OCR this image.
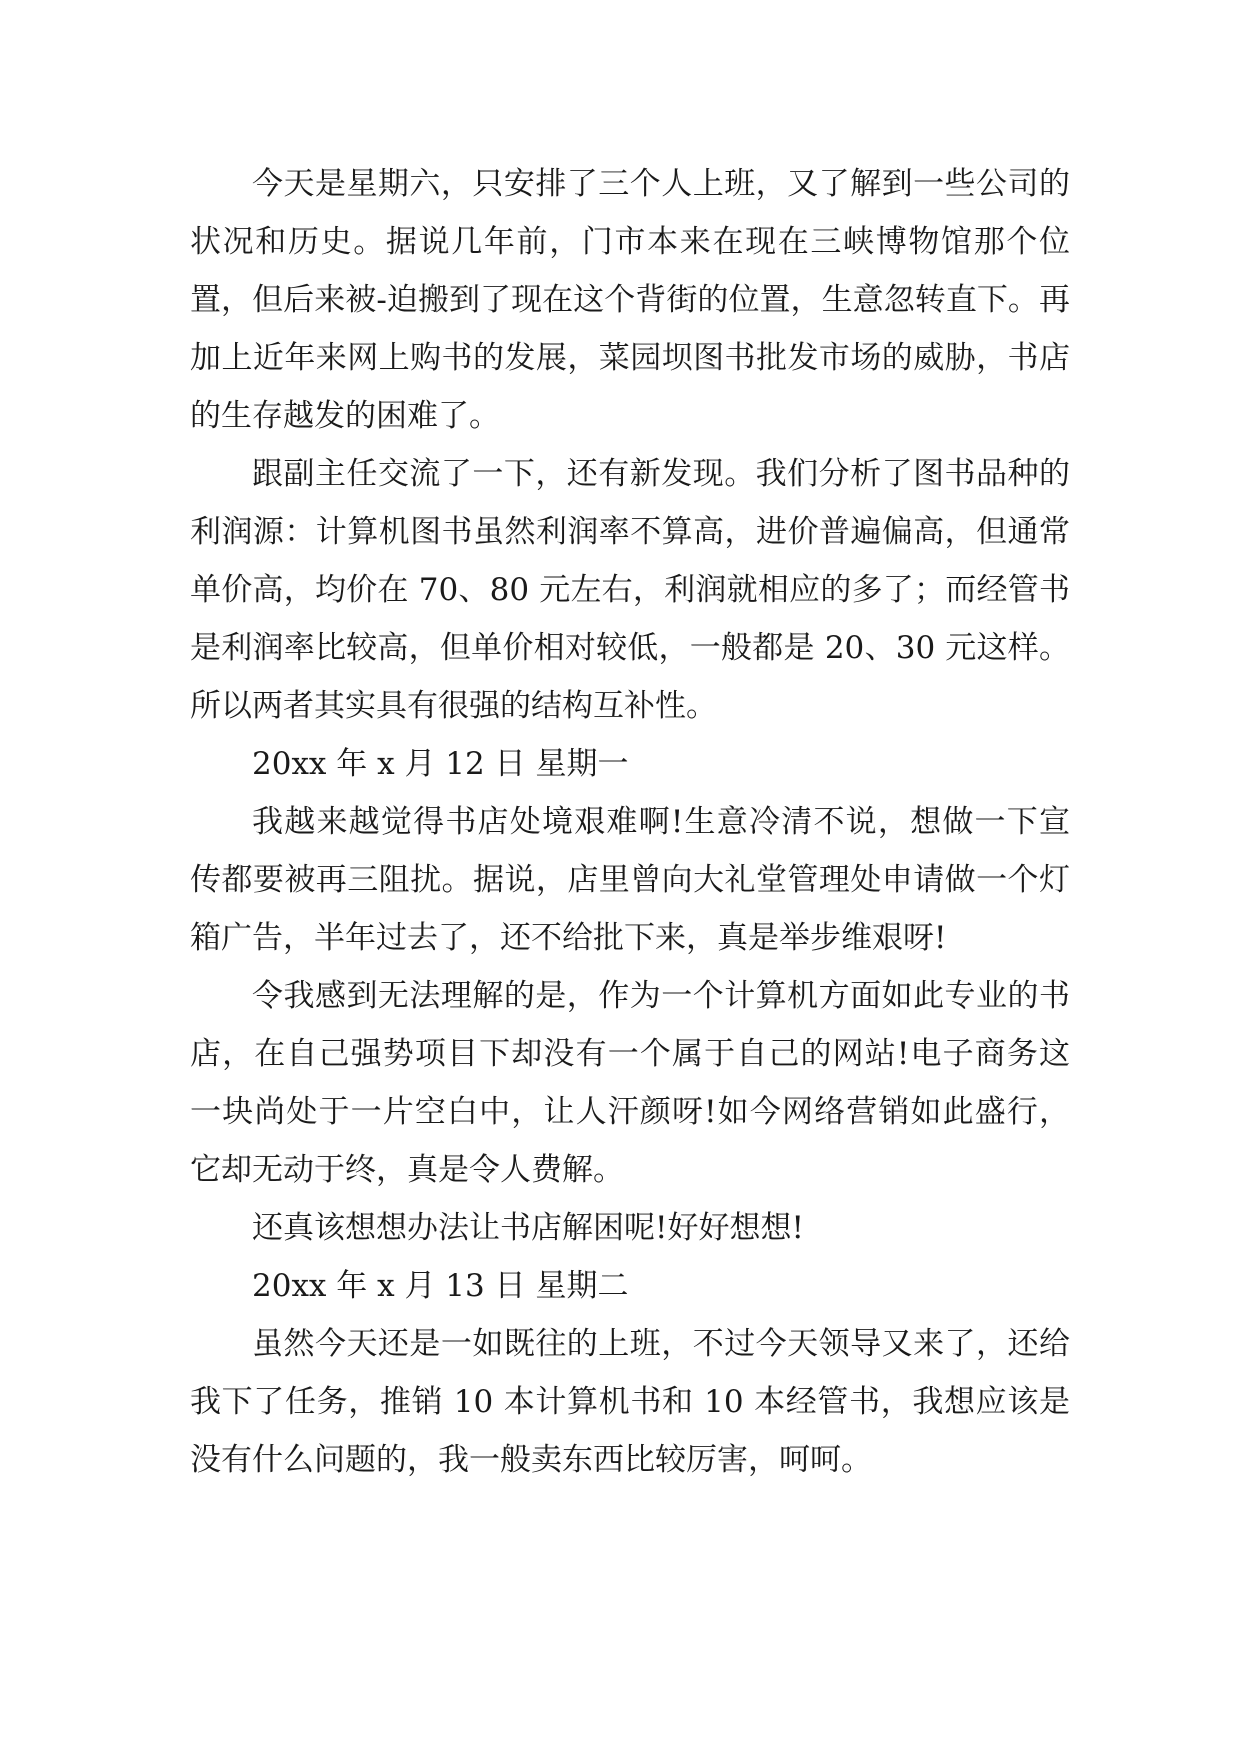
今天是星期六，只安排了三个人上班，又了解到一些公司的状况和历史。据说几年前，门市本来在现在三峡博物馆那个位置，但后来被-迫搬到了现在这个背街的位置，生意忽转直下。再加上近年来网上购书的发展，菜园坝图书批发市场的威胁，书店的生存越发的困难了。

跟副主任交流了一下，还有新发现。我们分析了图书品种的利润源：计算机图书虽然利润率不算高，进价普遍偏高，但通常单价高，均价在 70、80 元左右，利润就相应的多了；而经管书是利润率比较高，但单价相对较低，一般都是 20、30 元这样。所以两者其实具有很强的结构互补性。

20xx 年 x 月 12 日 星期一

我越来越觉得书店处境艰难啊!生意冷清不说，想做一下宣传都要被再三阻扰。据说，店里曾向大礼堂管理处申请做一个灯箱广告，半年过去了，还不给批下来，真是举步维艰呀!

令我感到无法理解的是，作为一个计算机方面如此专业的书店，在自己强势项目下却没有一个属于自己的网站!电子商务这一块尚处于一片空白中，让人汗颜呀!如今网络营销如此盛行，它却无动于终，真是令人费解。

还真该想想办法让书店解困呢!好好想想!

20xx 年 x 月 13 日 星期二

虽然今天还是一如既往的上班，不过今天领导又来了，还给我下了任务，推销 10 本计算机书和 10 本经管书，我想应该是没有什么问题的，我一般卖东西比较厉害，呵呵。
